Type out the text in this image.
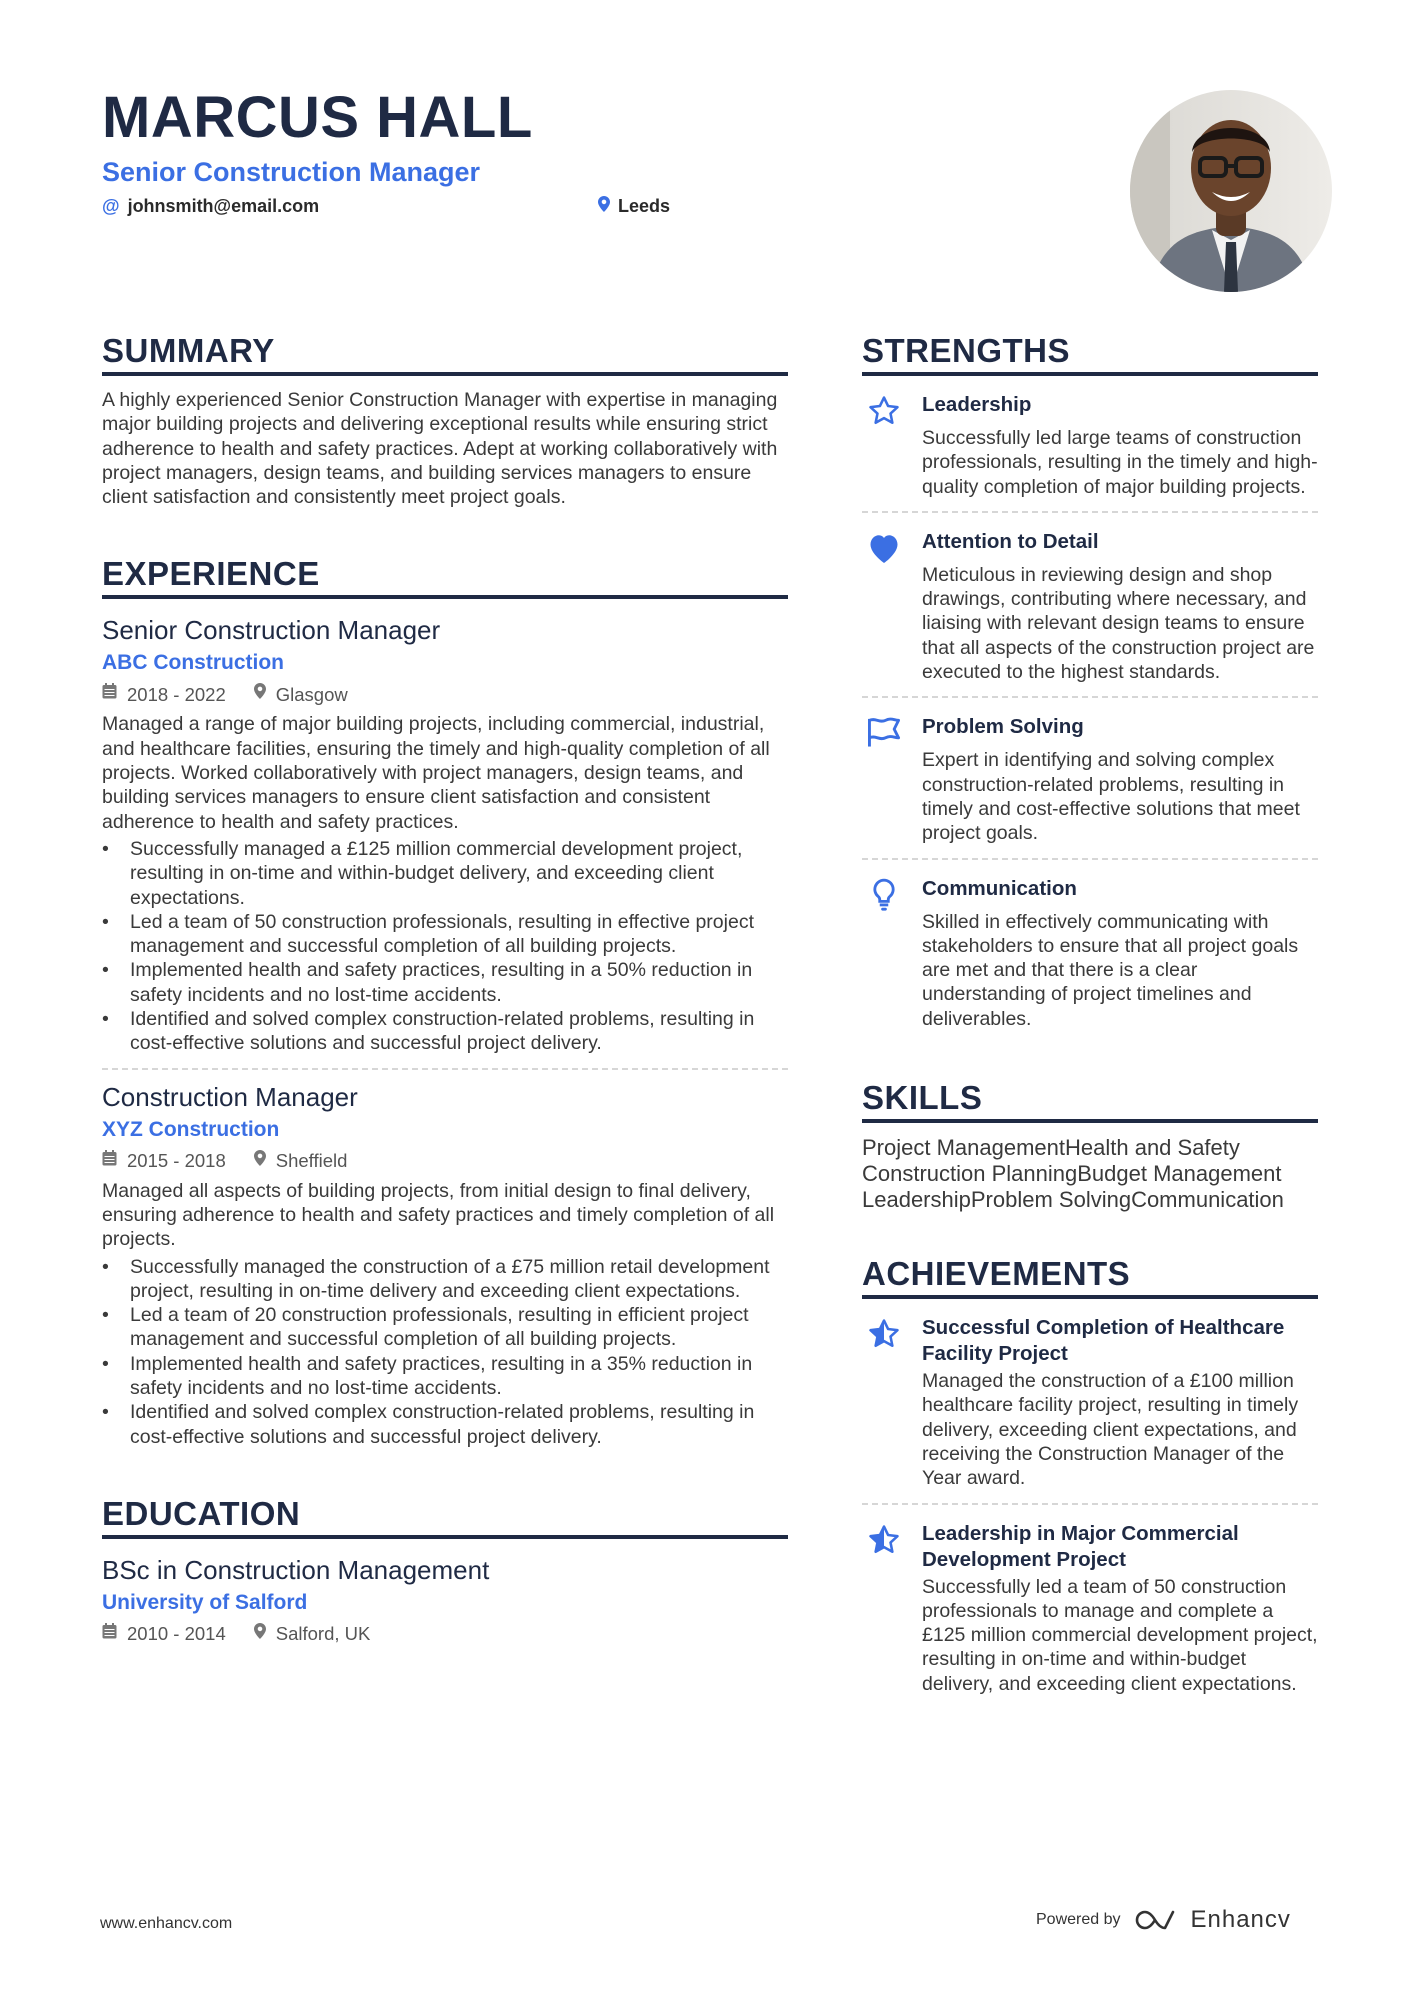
MARCUS HALL
Senior Construction Manager
@ johnsmith@email.com	Leeds
SUMMARY
A highly experienced Senior Construction Manager with expertise in managing major building projects and delivering exceptional results while ensuring strict adherence to health and safety practices. Adept at working collaboratively with project managers, design teams, and building services managers to ensure client satisfaction and consistently meet project goals.
EXPERIENCE
Senior Construction Manager
ABC Construction
2018 - 2022	Glasgow
Managed a range of major building projects, including commercial, industrial, and healthcare facilities, ensuring the timely and high-quality completion of all projects. Worked collaboratively with project managers, design teams, and building services managers to ensure client satisfaction and consistent adherence to health and safety practices.
• Successfully managed a £125 million commercial development project, resulting in on-time and within-budget delivery, and exceeding client expectations.
• Led a team of 50 construction professionals, resulting in effective project management and successful completion of all building projects.
• Implemented health and safety practices, resulting in a 50% reduction in safety incidents and no lost-time accidents.
• Identified and solved complex construction-related problems, resulting in cost-effective solutions and successful project delivery.
Construction Manager
XYZ Construction
2015 - 2018	Sheffield
Managed all aspects of building projects, from initial design to final delivery, ensuring adherence to health and safety practices and timely completion of all projects.
• Successfully managed the construction of a £75 million retail development project, resulting in on-time delivery and exceeding client expectations.
• Led a team of 20 construction professionals, resulting in efficient project management and successful completion of all building projects.
• Implemented health and safety practices, resulting in a 35% reduction in safety incidents and no lost-time accidents.
• Identified and solved complex construction-related problems, resulting in cost-effective solutions and successful project delivery.
EDUCATION
BSc in Construction Management
University of Salford
2010 - 2014	Salford, UK
STRENGTHS
Leadership
Successfully led large teams of construction professionals, resulting in the timely and high-quality completion of major building projects.
Attention to Detail
Meticulous in reviewing design and shop drawings, contributing where necessary, and liaising with relevant design teams to ensure that all aspects of the construction project are executed to the highest standards.
Problem Solving
Expert in identifying and solving complex construction-related problems, resulting in timely and cost-effective solutions that meet project goals.
Communication
Skilled in effectively communicating with stakeholders to ensure that all project goals are met and that there is a clear understanding of project timelines and deliverables.
SKILLS
Project ManagementHealth and Safety
Construction PlanningBudget Management
LeadershipProblem SolvingCommunication
ACHIEVEMENTS
Successful Completion of Healthcare Facility Project
Managed the construction of a £100 million healthcare facility project, resulting in timely delivery, exceeding client expectations, and receiving the Construction Manager of the Year award.
Leadership in Major Commercial Development Project
Successfully led a team of 50 construction professionals to manage and complete a £125 million commercial development project, resulting in on-time and within-budget delivery, and exceeding client expectations.
www.enhancv.com	Powered by	Enhancv
